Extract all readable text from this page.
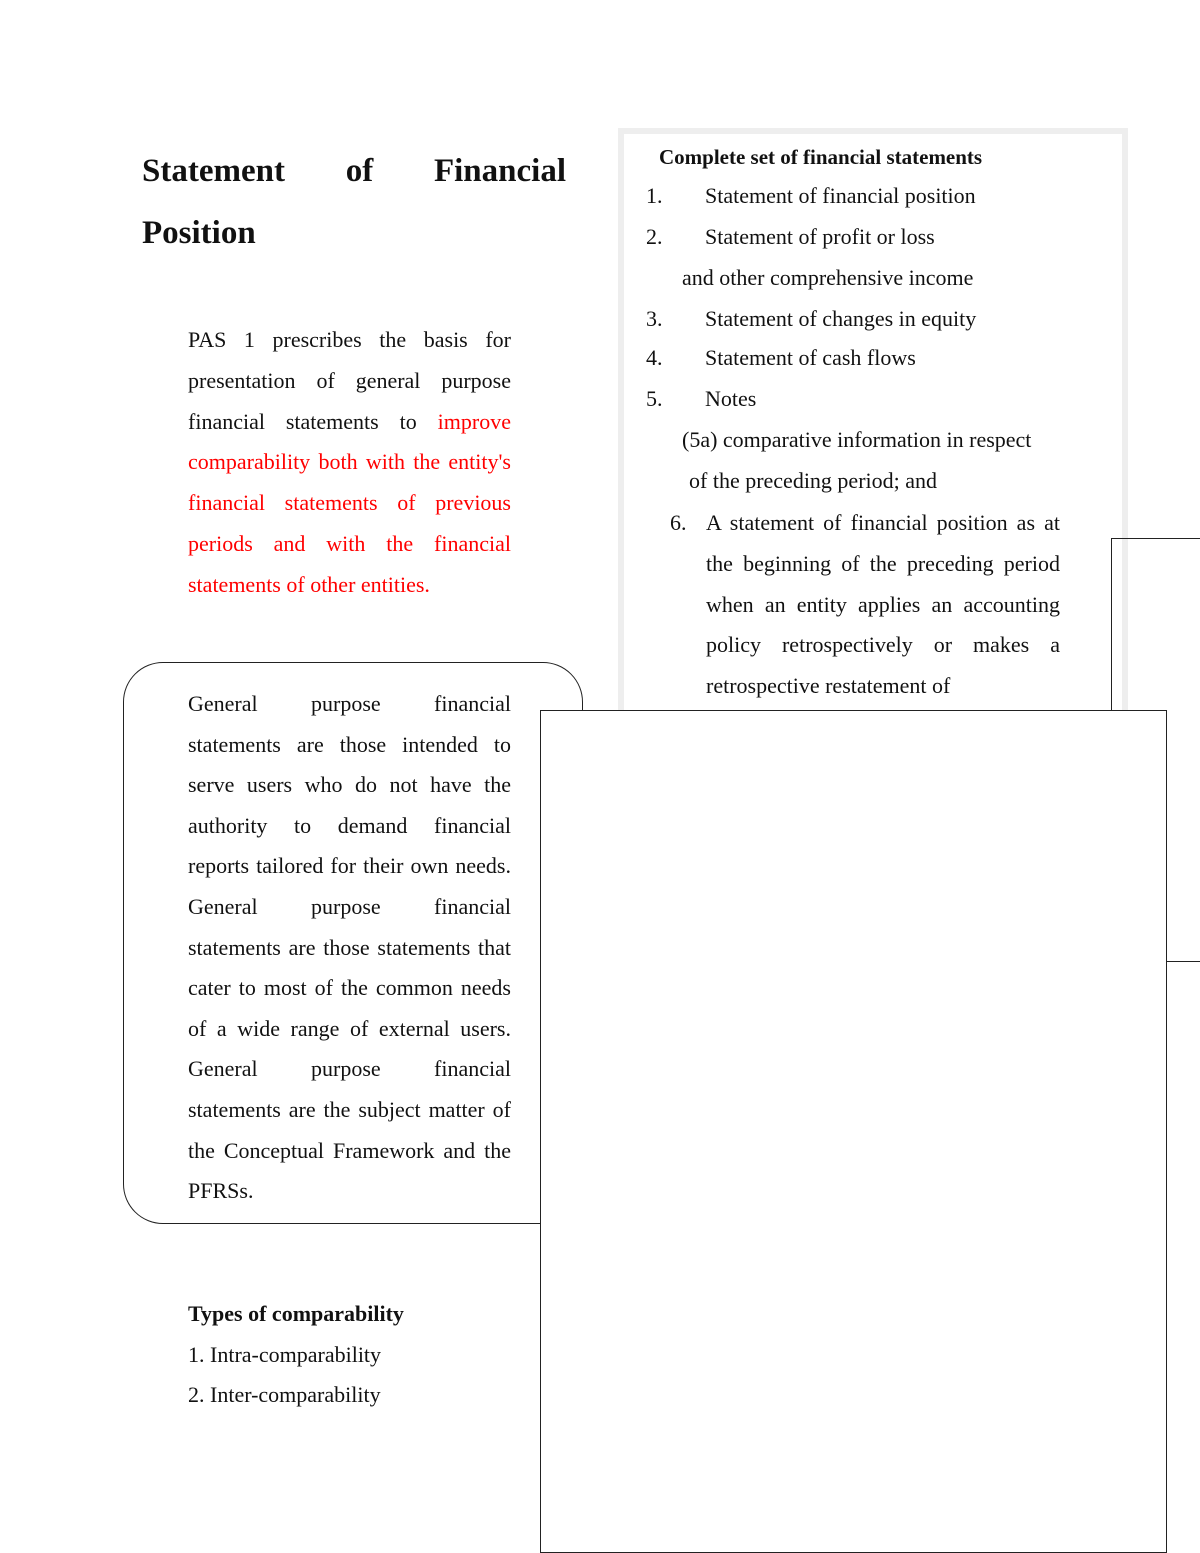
Statement of Financial
Position
PAS 1 prescribes the basis for presentation of general purpose financial statements to improve comparability both with the entity's financial statements of previous periods and with the financial statements of other entities.
General purpose financial statements are those intended to serve users who do not have the authority to demand financial reports tailored for their own needs. General purpose financial statements are those statements that cater to most of the common needs of a wide range of external users. General purpose financial statements are the subject matter of the Conceptual Framework and the PFRSs.
Types of comparability
1. Intra-comparability
2. Inter-comparability
Complete set of financial statements
1. Statement of financial position
2. Statement of profit or loss
and other comprehensive income
3. Statement of changes in equity
4. Statement of cash flows
5. Notes
(5a) comparative information in respect
of the preceding period; and
6. A statement of financial position as at the beginning of the preceding period when an entity applies an accounting policy retrospectively or makes a retrospective restatement of
